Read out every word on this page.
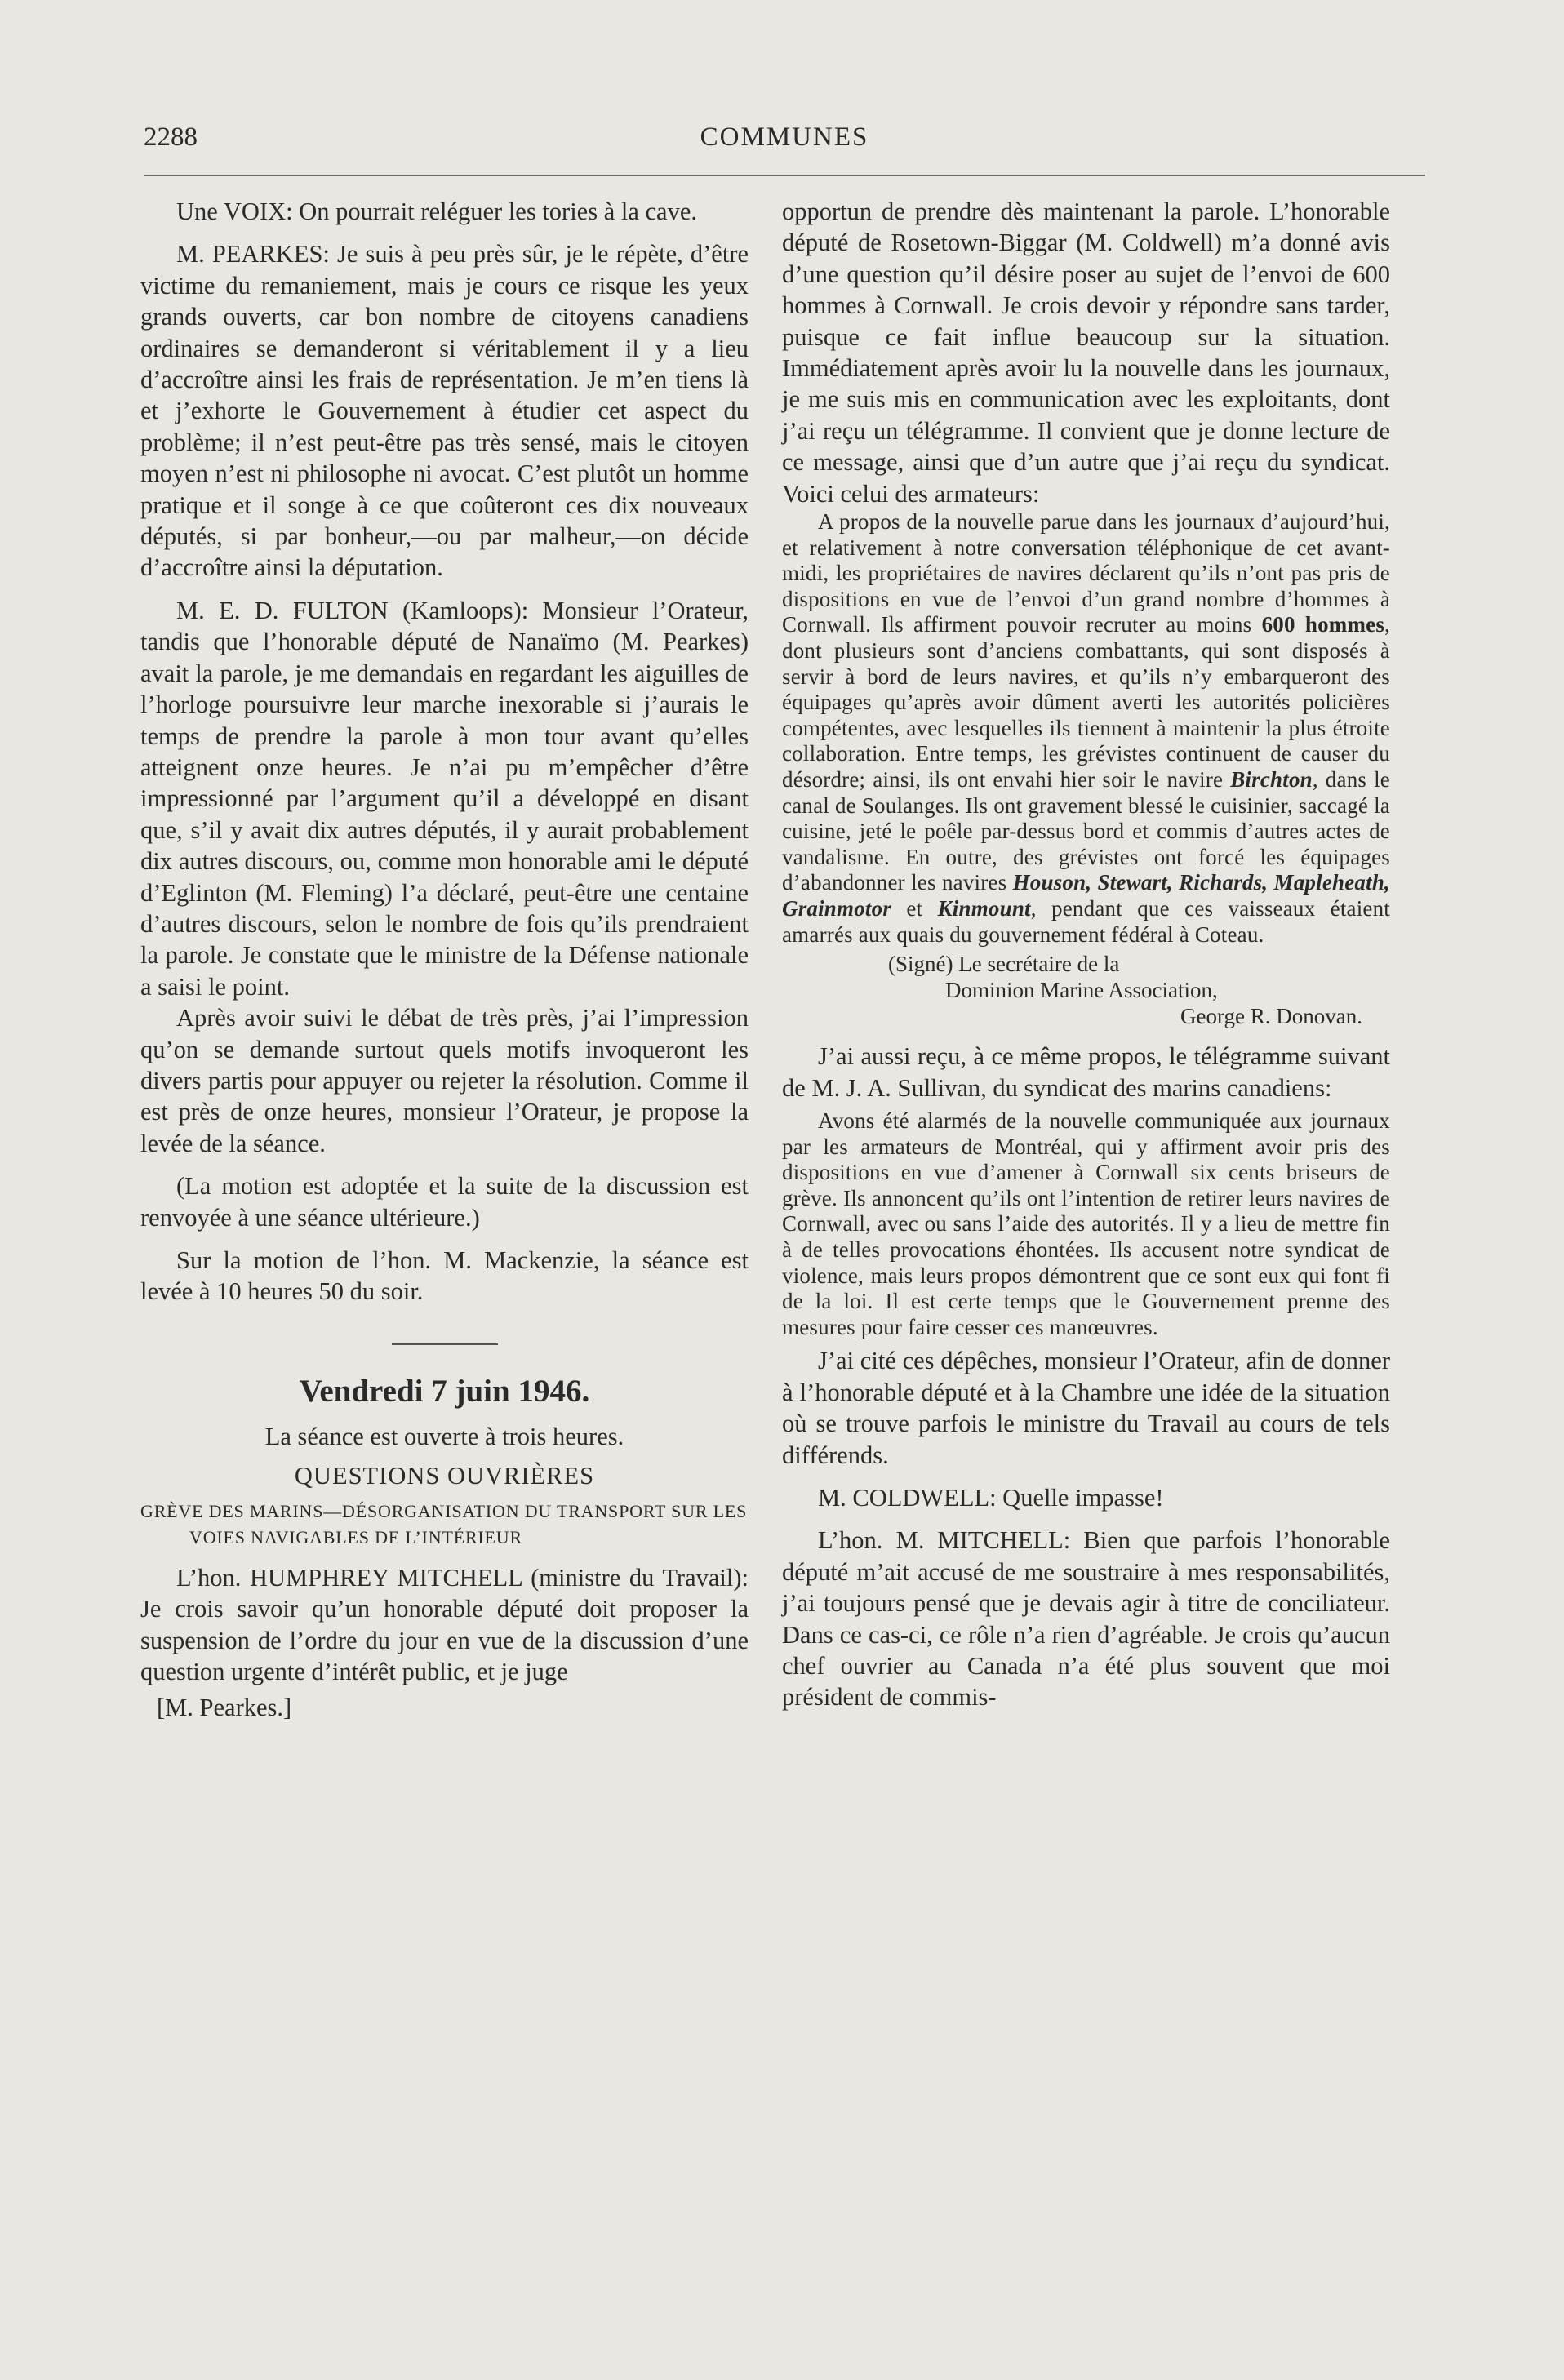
2288	COMMUNES

Une VOIX: On pourrait reléguer les tories à la cave.

M. PEARKES: Je suis à peu près sûr, je le répète, d’être victime du remaniement, mais je cours ce risque les yeux grands ouverts, car bon nombre de citoyens canadiens ordinaires se demanderont si véritablement il y a lieu d’accroître ainsi les frais de représentation. Je m’en tiens là et j’exhorte le Gouvernement à étudier cet aspect du problème; il n’est peut-être pas très sensé, mais le citoyen moyen n’est ni philosophe ni avocat. C’est plutôt un homme pratique et il songe à ce que coûteront ces dix nouveaux députés, si par bonheur,—ou par malheur,—on décide d’accroître ainsi la députation.

M. E. D. FULTON (Kamloops): Monsieur l’Orateur, tandis que l’honorable député de Nanaïmo (M. Pearkes) avait la parole, je me demandais en regardant les aiguilles de l’horloge poursuivre leur marche inexorable si j’aurais le temps de prendre la parole à mon tour avant qu’elles atteignent onze heures. Je n’ai pu m’empêcher d’être impressionné par l’argument qu’il a développé en disant que, s’il y avait dix autres députés, il y aurait probablement dix autres discours, ou, comme mon honorable ami le député d’Eglinton (M. Fleming) l’a déclaré, peut-être une centaine d’autres discours, selon le nombre de fois qu’ils prendraient la parole. Je constate que le ministre de la Défense nationale a saisi le point.

Après avoir suivi le débat de très près, j’ai l’impression qu’on se demande surtout quels motifs invoqueront les divers partis pour appuyer ou rejeter la résolution. Comme il est près de onze heures, monsieur l’Orateur, je propose la levée de la séance.

(La motion est adoptée et la suite de la discussion est renvoyée à une séance ultérieure.)

Sur la motion de l’hon. M. Mackenzie, la séance est levée à 10 heures 50 du soir.

Vendredi 7 juin 1946.

La séance est ouverte à trois heures.

QUESTIONS OUVRIÈRES
GRÈVE DES MARINS—DÉSORGANISATION DU TRANSPORT SUR LES VOIES NAVIGABLES DE L’INTÉRIEUR

L’hon. HUMPHREY MITCHELL (ministre du Travail): Je crois savoir qu’un honorable député doit proposer la suspension de l’ordre du jour en vue de la discussion d’une question urgente d’intérêt public, et je juge

[M. Pearkes.]

opportun de prendre dès maintenant la parole. L’honorable député de Rosetown-Biggar (M. Coldwell) m’a donné avis d’une question qu’il désire poser au sujet de l’envoi de 600 hommes à Cornwall. Je crois devoir y répondre sans tarder, puisque ce fait influe beaucoup sur la situation. Immédiatement après avoir lu la nouvelle dans les journaux, je me suis mis en communication avec les exploitants, dont j’ai reçu un télégramme. Il convient que je donne lecture de ce message, ainsi que d’un autre que j’ai reçu du syndicat. Voici celui des armateurs:

A propos de la nouvelle parue dans les journaux d’aujourd’hui, et relativement à notre conversation téléphonique de cet avant-midi, les propriétaires de navires déclarent qu’ils n’ont pas pris de dispositions en vue de l’envoi d’un grand nombre d’hommes à Cornwall. Ils affirment pouvoir recruter au moins 600 hommes, dont plusieurs sont d’anciens combattants, qui sont disposés à servir à bord de leurs navires, et qu’ils n’y embarqueront des équipages qu’après avoir dûment averti les autorités policières compétentes, avec lesquelles ils tiennent à maintenir la plus étroite collaboration. Entre temps, les grévistes continuent de causer du désordre; ainsi, ils ont envahi hier soir le navire Birchton, dans le canal de Soulanges. Ils ont gravement blessé le cuisinier, saccagé la cuisine, jeté le poêle par-dessus bord et commis d’autres actes de vandalisme. En outre, des grévistes ont forcé les équipages d’abandonner les navires Houson, Stewart, Richards, Mapleheath, Grainmotor et Kinmount, pendant que ces vaisseaux étaient amarrés aux quais du gouvernement fédéral à Coteau.

(Signé) Le secrétaire de la
Dominion Marine Association,
George R. Donovan.

J’ai aussi reçu, à ce même propos, le télégramme suivant de M. J. A. Sullivan, du syndicat des marins canadiens:

Avons été alarmés de la nouvelle communiquée aux journaux par les armateurs de Montréal, qui y affirment avoir pris des dispositions en vue d’amener à Cornwall six cents briseurs de grève. Ils annoncent qu’ils ont l’intention de retirer leurs navires de Cornwall, avec ou sans l’aide des autorités. Il y a lieu de mettre fin à de telles provocations éhontées. Ils accusent notre syndicat de violence, mais leurs propos démontrent que ce sont eux qui font fi de la loi. Il est certe temps que le Gouvernement prenne des mesures pour faire cesser ces manœuvres.

J’ai cité ces dépêches, monsieur l’Orateur, afin de donner à l’honorable député et à la Chambre une idée de la situation où se trouve parfois le ministre du Travail au cours de tels différends.

M. COLDWELL: Quelle impasse!

L’hon. M. MITCHELL: Bien que parfois l’honorable député m’ait accusé de me soustraire à mes responsabilités, j’ai toujours pensé que je devais agir à titre de conciliateur. Dans ce cas-ci, ce rôle n’a rien d’agréable. Je crois qu’aucun chef ouvrier au Canada n’a été plus souvent que moi président de commis-
